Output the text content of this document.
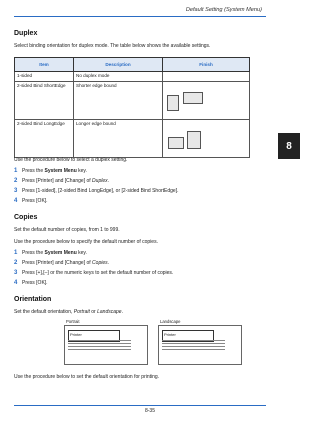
Default Setting (System Menu)
8
Duplex
Select binding orientation for duplex mode. The table below shows the available settings.
Item	Description	Finish
1-sided	No duplex mode	
2-sided Bind ShortEdge	Shorter edge bound	

2-sided Bind LongEdge	Longer edge bound	
Use the procedure below to select a duplex setting.
1 Press the System Menu key.
2 Press [Printer] and [Change] of Duplex.
3 Press [1-sided], [2-sided Bind LongEdge], or [2-sided Bind ShortEdge].
4 Press [OK].
Copies
Set the default number of copies, from 1 to 999.
Use the procedure below to specify the default number of copies.
1 Press the System Menu key.
2 Press [Printer] and [Change] of Copies.
3 Press [+],[–] or the numeric keys to set the default number of copies.
4 Press [OK].
Orientation
Set the default orientation, Portrait or Landscape.
Portrait
Printer
Landscape
Printer
Use the procedure below to set the default orientation for printing.
8-35
